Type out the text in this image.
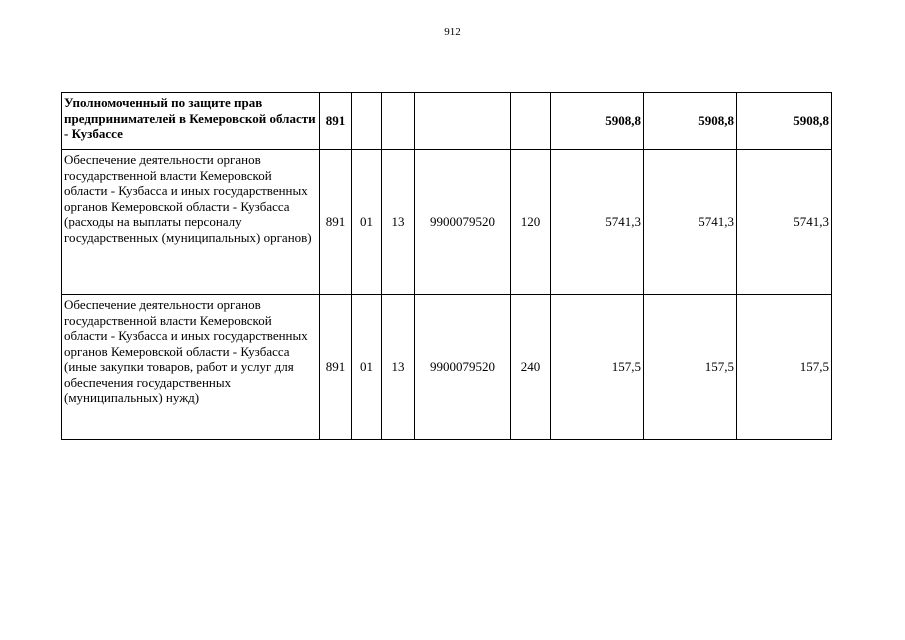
912
Уполномоченный по защите прав предпринимателей в Кемеровской области - Кузбассе	891					5908,8	5908,8	5908,8
Обеспечение деятельности органов государственной власти Кемеровской области - Кузбасса и иных государственных органов Кемеровской области - Кузбасса (расходы на выплаты персоналу государственных (муниципальных) органов)	891	01	13	9900079520	120	5741,3	5741,3	5741,3
Обеспечение деятельности органов государственной власти Кемеровской области - Кузбасса и иных государственных органов Кемеровской области - Кузбасса (иные закупки товаров, работ и услуг для обеспечения государственных (муниципальных) нужд)	891	01	13	9900079520	240	157,5	157,5	157,5
